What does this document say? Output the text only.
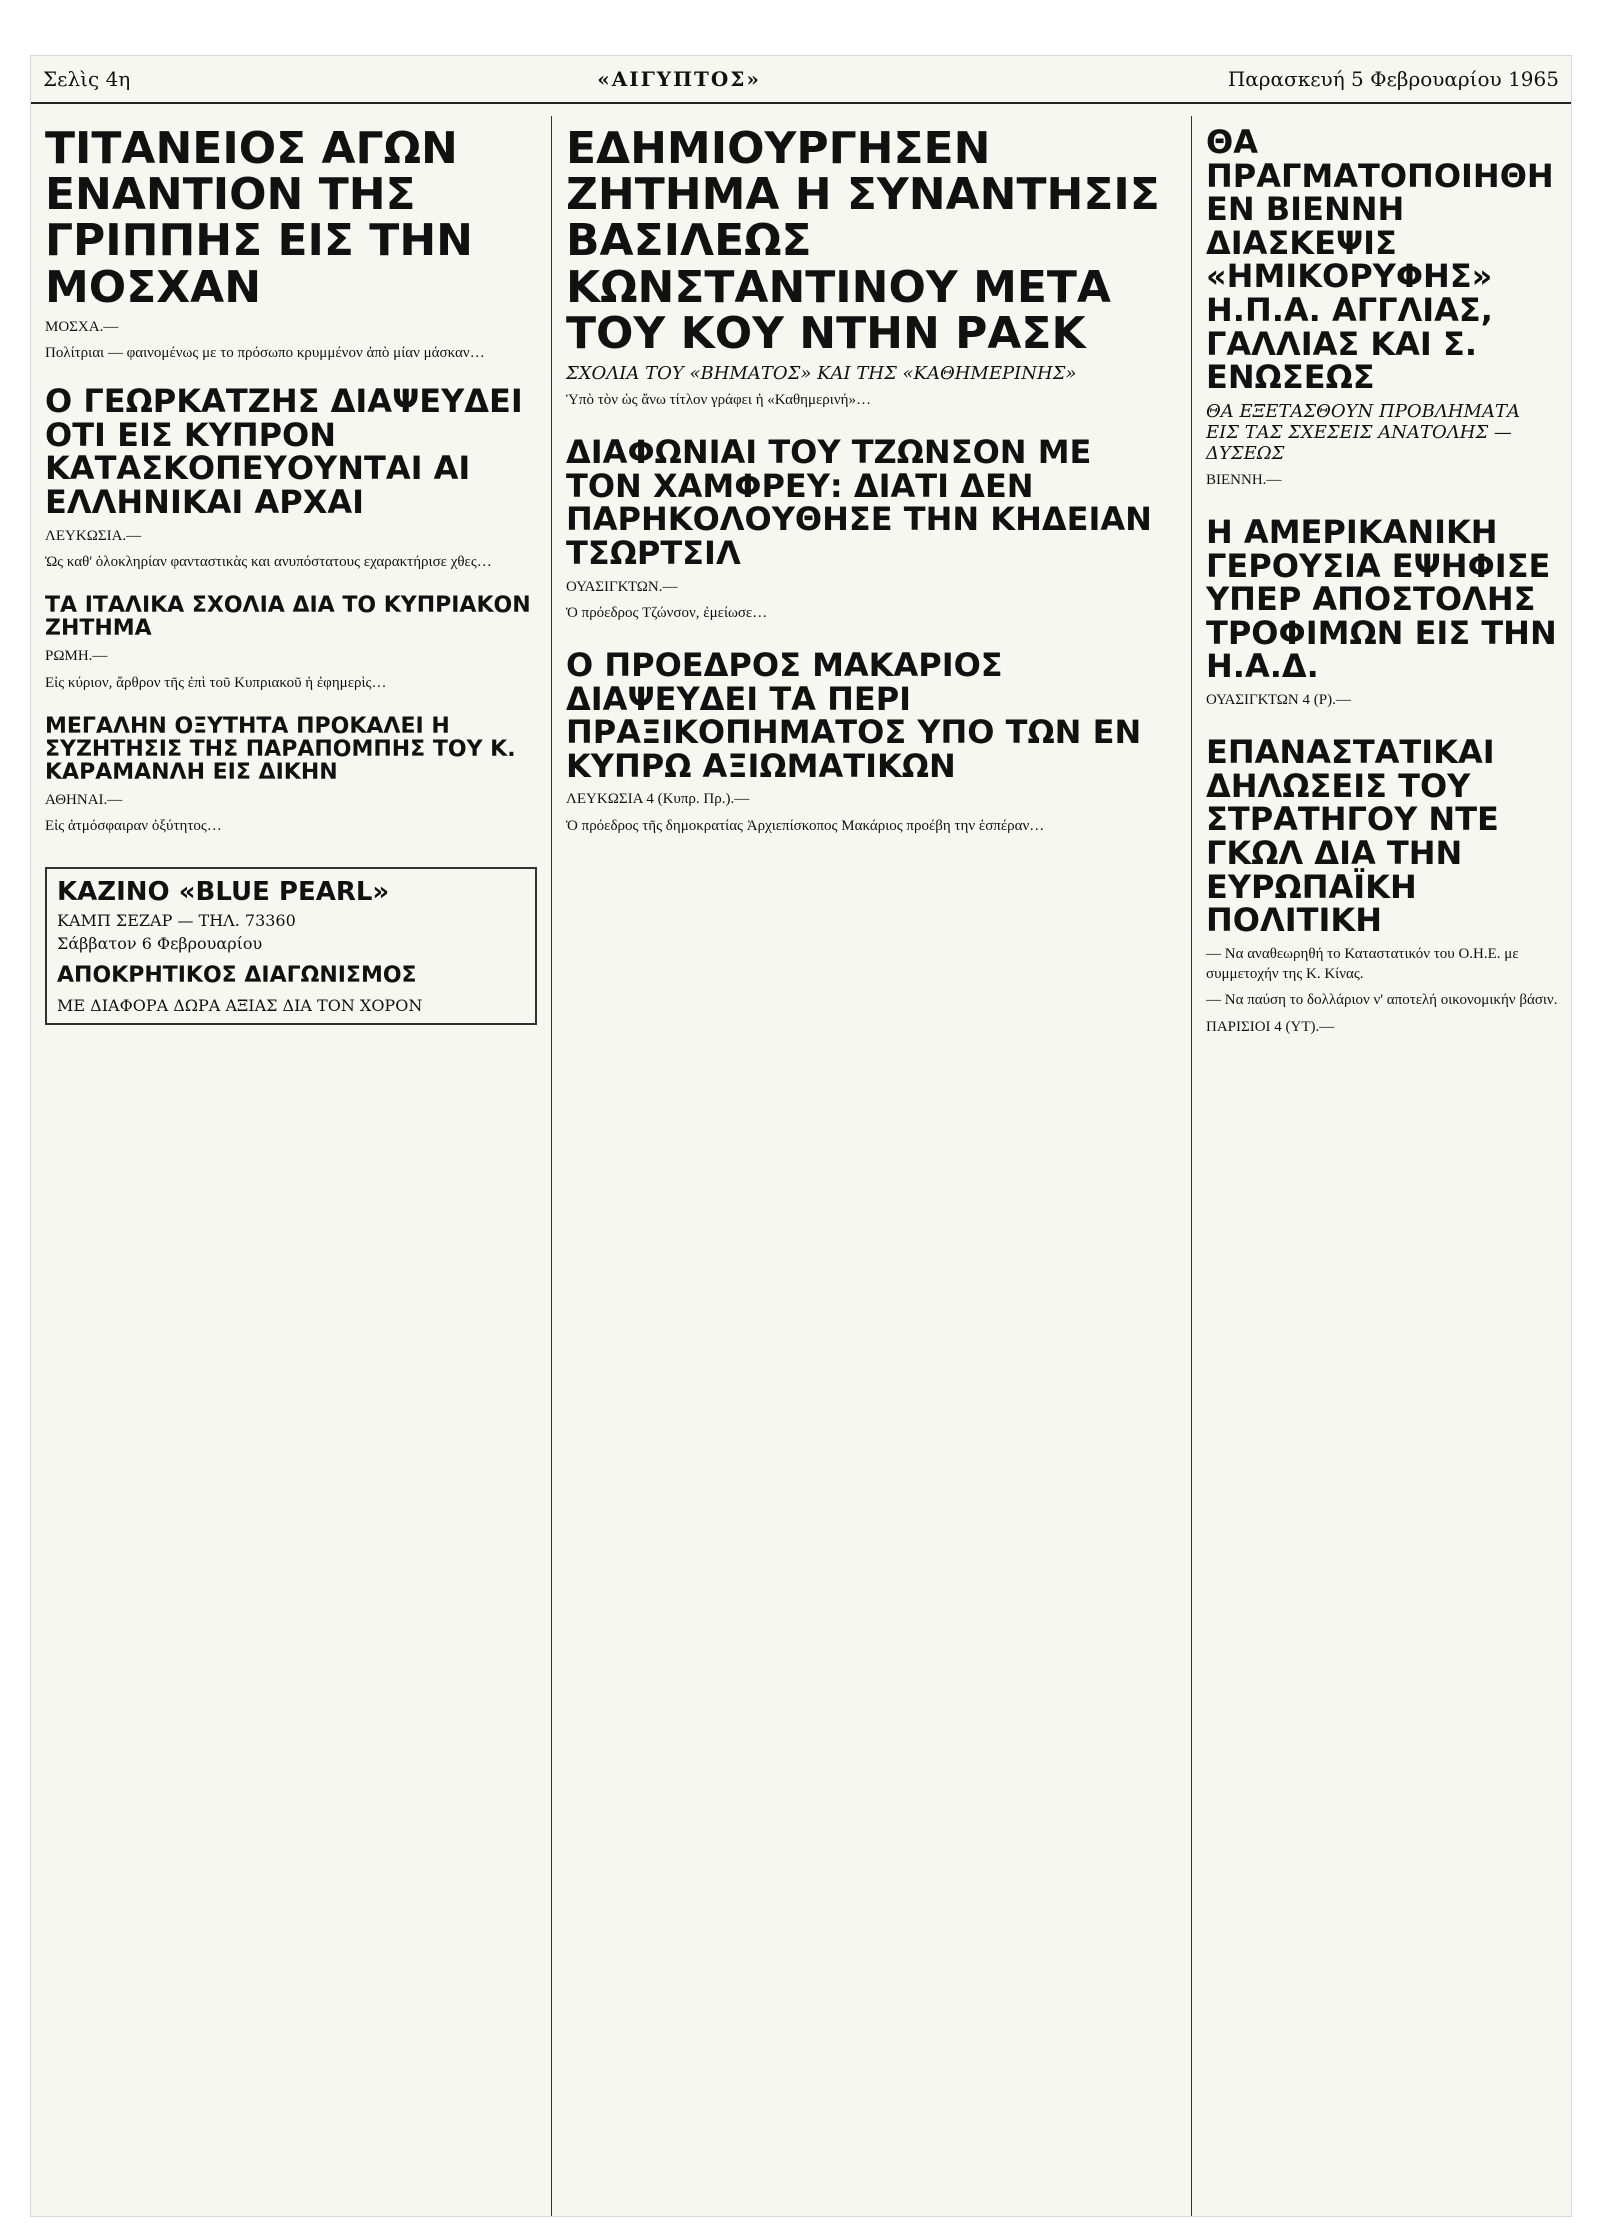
Σελὶς 4η	«ΑΙΓΥΠΤΟΣ»	Παρασκευή 5 Φεβρουαρίου 1965
ΤΙΤΑΝΕΙΟΣ ΑΓΩΝ ΕΝΑΝΤΙΟΝ ΤΗΣ ΓΡΙΠΠΗΣ ΕΙΣ ΤΗΝ ΜΟΣΧΑΝ
ΜΟΣΧΑ.—
Πολίτριαι — φαινομένως με το πρόσωπο κρυμμένον ἀπὸ μίαν μάσκαν…
Ο ΓΕΩΡΚΑΤΖΗΣ ΔΙΑΨΕΥΔΕΙ ΟΤΙ ΕΙΣ ΚΥΠΡΟΝ ΚΑΤΑΣΚΟΠΕΥΟΥΝΤΑΙ ΑΙ ΕΛΛΗΝΙΚΑΙ ΑΡΧΑΙ
ΛΕΥΚΩΣΙΑ.—
Ὡς καθ' ὁλοκληρίαν φανταστικὰς και ανυπόστατους εχαρακτήρισε χθες…
ΤΑ ΙΤΑΛΙΚΑ ΣΧΟΛΙΑ ΔΙΑ ΤΟ ΚΥΠΡΙΑΚΟΝ ΖΗΤΗΜΑ
ΡΩΜΗ.—
Εἰς κύριον, ἄρθρον τῆς ἐπὶ τοῦ Κυπριακοῦ ἡ ἐφημερὶς…
ΜΕΓΑΛΗΝ ΟΞΥΤΗΤΑ ΠΡΟΚΑΛΕΙ Η ΣΥΖΗΤΗΣΙΣ ΤΗΣ ΠΑΡΑΠΟΜΠΗΣ ΤΟΥ Κ. ΚΑΡΑΜΑΝΛΗ ΕΙΣ ΔΙΚΗΝ
ΑΘΗΝΑΙ.—
Εἰς ἀτμόσφαιραν ὀξύτητος…
ΚΑΖΙΝΟ «BLUE PEARL»
ΚΑΜΠ ΣΕΖΑΡ — ΤΗΛ. 73360
Σάββατον 6 Φεβρουαρίου
ΑΠΟΚΡΗΤΙΚΟΣ ΔΙΑΓΩΝΙΣΜΟΣ
ΜΕ ΔΙΑΦΟΡΑ ΔΩΡΑ ΑΞΙΑΣ ΔΙΑ ΤΟΝ ΧΟΡΟΝ
ΕΔΗΜΙΟΥΡΓΗΣΕΝ ΖΗΤΗΜΑ Η ΣΥΝΑΝΤΗΣΙΣ ΒΑΣΙΛΕΩΣ ΚΩΝΣΤΑΝΤΙΝΟΥ ΜΕΤΑ ΤΟΥ ΚΟΥ ΝΤΗΝ ΡΑΣΚ
ΣΧΟΛΙΑ ΤΟΥ «ΒΗΜΑΤΟΣ» ΚΑΙ ΤΗΣ «ΚΑΘΗΜΕΡΙΝΗΣ»
Ὑπὸ τὸν ὡς ἄνω τίτλον γράφει ἡ «Καθημερινή»…
ΔΙΑΦΩΝΙΑΙ ΤΟΥ ΤΖΩΝΣΟΝ ΜΕ ΤΟΝ ΧΑΜΦΡΕΥ: ΔΙΑΤΙ ΔΕΝ ΠΑΡΗΚΟΛΟΥΘΗΣΕ ΤΗΝ ΚΗΔΕΙΑΝ ΤΣΩΡΤΣΙΛ
ΟΥΑΣΙΓΚΤΩΝ.—
Ὁ πρόεδρος Τζώνσον, ἐμείωσε…
Ο ΠΡΟΕΔΡΟΣ ΜΑΚΑΡΙΟΣ ΔΙΑΨΕΥΔΕΙ ΤΑ ΠΕΡΙ ΠΡΑΞΙΚΟΠΗΜΑΤΟΣ ΥΠΟ ΤΩΝ ΕΝ ΚΥΠΡΩ ΑΞΙΩΜΑΤΙΚΩΝ
ΛΕΥΚΩΣΙΑ 4 (Κυπρ. Πρ.).—
Ὁ πρόεδρος τῆς δημοκρατίας Ἀρχιεπίσκοπος Μακάριος προέβη την ἑσπέραν…
ΘΑ ΠΡΑΓΜΑΤΟΠΟΙΗΘΗ ΕΝ ΒΙΕΝΝΗ ΔΙΑΣΚΕΨΙΣ «ΗΜΙΚΟΡΥΦΗΣ» Η.Π.Α. ΑΓΓΛΙΑΣ, ΓΑΛΛΙΑΣ ΚΑΙ Σ. ΕΝΩΣΕΩΣ
ΘΑ ΕΞΕΤΑΣΘΟΥΝ ΠΡΟΒΛΗΜΑΤΑ ΕΙΣ ΤΑΣ ΣΧΕΣΕΙΣ ΑΝΑΤΟΛΗΣ — ΔΥΣΕΩΣ
ΒΙΕΝΝΗ.—
Η ΑΜΕΡΙΚΑΝΙΚΗ ΓΕΡΟΥΣΙΑ ΕΨΗΦΙΣΕ ΥΠΕΡ ΑΠΟΣΤΟΛΗΣ ΤΡΟΦΙΜΩΝ ΕΙΣ ΤΗΝ Η.Α.Δ.
ΟΥΑΣΙΓΚΤΩΝ 4 (Ρ).—
ΕΠΑΝΑΣΤΑΤΙΚΑΙ ΔΗΛΩΣΕΙΣ ΤΟΥ ΣΤΡΑΤΗΓΟΥ ΝΤΕ ΓΚΩΛ ΔΙΑ ΤΗΝ ΕΥΡΩΠΑΪΚΗ ΠΟΛΙΤΙΚΗ
— Να αναθεωρηθή το Καταστατικόν του Ο.Η.Ε. με συμμετοχήν της Κ. Κίνας.
— Να παύση το δολλάριον ν' αποτελή οικονομικήν βάσιν.
ΠΑΡΙΣΙΟΙ 4 (ΥΤ).—
